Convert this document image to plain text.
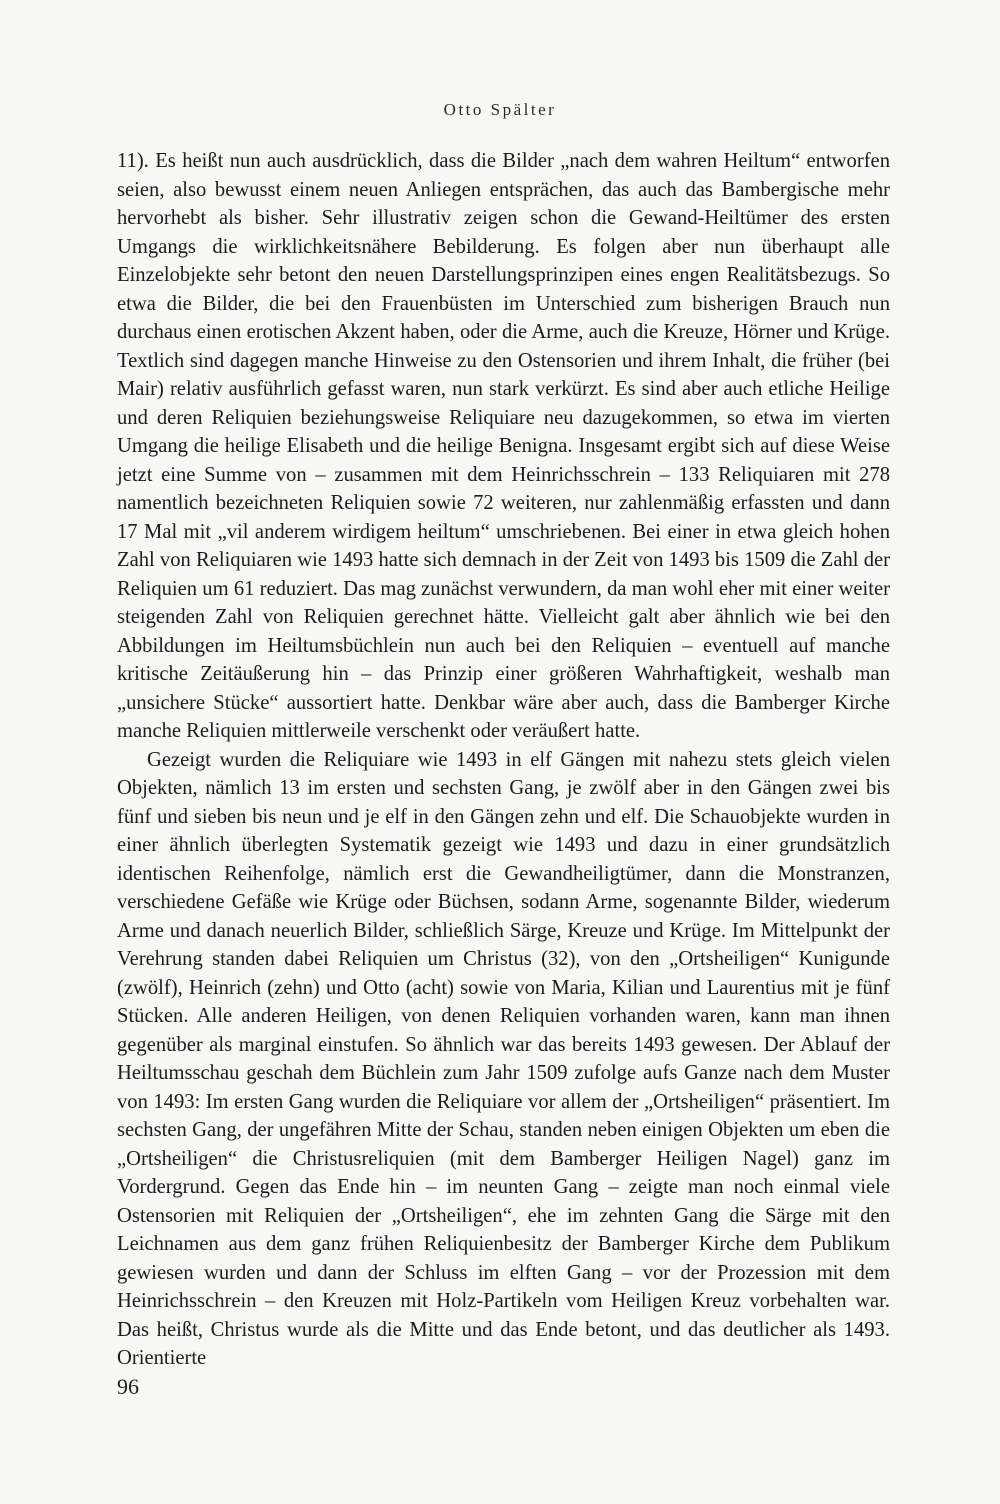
Otto Spälter

11). Es heißt nun auch ausdrücklich, dass die Bilder „nach dem wahren Heiltum“ entworfen seien, also bewusst einem neuen Anliegen entsprächen, das auch das Bambergische mehr hervorhebt als bisher. Sehr illustrativ zeigen schon die Gewand-Heiltümer des ersten Umgangs die wirklichkeitsnähere Bebilderung. Es folgen aber nun überhaupt alle Einzelobjekte sehr betont den neuen Darstellungsprinzipen eines engen Realitätsbezugs. So etwa die Bilder, die bei den Frauenbüsten im Unterschied zum bisherigen Brauch nun durchaus einen erotischen Akzent haben, oder die Arme, auch die Kreuze, Hörner und Krüge. Textlich sind dagegen manche Hinweise zu den Ostensorien und ihrem Inhalt, die früher (bei Mair) relativ ausführlich gefasst waren, nun stark verkürzt. Es sind aber auch etliche Heilige und deren Reliquien beziehungsweise Reliquiare neu dazugekommen, so etwa im vierten Umgang die heilige Elisabeth und die heilige Benigna. Insgesamt ergibt sich auf diese Weise jetzt eine Summe von – zusammen mit dem Heinrichsschrein – 133 Reliquiaren mit 278 namentlich bezeichneten Reliquien sowie 72 weiteren, nur zahlenmäßig erfassten und dann 17 Mal mit „vil anderem wirdigem heiltum“ umschriebenen. Bei einer in etwa gleich hohen Zahl von Reliquiaren wie 1493 hatte sich demnach in der Zeit von 1493 bis 1509 die Zahl der Reliquien um 61 reduziert. Das mag zunächst verwundern, da man wohl eher mit einer weiter steigenden Zahl von Reliquien gerechnet hätte. Vielleicht galt aber ähnlich wie bei den Abbildungen im Heiltumsbüchlein nun auch bei den Reliquien – eventuell auf manche kritische Zeitäußerung hin – das Prinzip einer größeren Wahrhaftigkeit, weshalb man „unsichere Stücke“ aussortiert hatte. Denkbar wäre aber auch, dass die Bamberger Kirche manche Reliquien mittlerweile verschenkt oder veräußert hatte.

Gezeigt wurden die Reliquiare wie 1493 in elf Gängen mit nahezu stets gleich vielen Objekten, nämlich 13 im ersten und sechsten Gang, je zwölf aber in den Gängen zwei bis fünf und sieben bis neun und je elf in den Gängen zehn und elf. Die Schauobjekte wurden in einer ähnlich überlegten Systematik gezeigt wie 1493 und dazu in einer grundsätzlich identischen Reihenfolge, nämlich erst die Gewandheiligtümer, dann die Monstranzen, verschiedene Gefäße wie Krüge oder Büchsen, sodann Arme, sogenannte Bilder, wiederum Arme und danach neuerlich Bilder, schließlich Särge, Kreuze und Krüge. Im Mittelpunkt der Verehrung standen dabei Reliquien um Christus (32), von den „Ortsheiligen“ Kunigunde (zwölf), Heinrich (zehn) und Otto (acht) sowie von Maria, Kilian und Laurentius mit je fünf Stücken. Alle anderen Heiligen, von denen Reliquien vorhanden waren, kann man ihnen gegenüber als marginal einstufen. So ähnlich war das bereits 1493 gewesen. Der Ablauf der Heiltumsschau geschah dem Büchlein zum Jahr 1509 zufolge aufs Ganze nach dem Muster von 1493: Im ersten Gang wurden die Reliquiare vor allem der „Ortsheiligen“ präsentiert. Im sechsten Gang, der ungefähren Mitte der Schau, standen neben einigen Objekten um eben die „Ortsheiligen“ die Christusreliquien (mit dem Bamberger Heiligen Nagel) ganz im Vordergrund. Gegen das Ende hin – im neunten Gang – zeigte man noch einmal viele Ostensorien mit Reliquien der „Ortsheiligen“, ehe im zehnten Gang die Särge mit den Leichnamen aus dem ganz frühen Reliquienbesitz der Bamberger Kirche dem Publikum gewiesen wurden und dann der Schluss im elften Gang – vor der Prozession mit dem Heinrichsschrein – den Kreuzen mit Holz-Partikeln vom Heiligen Kreuz vorbehalten war. Das heißt, Christus wurde als die Mitte und das Ende betont, und das deutlicher als 1493. Orientierte

96
